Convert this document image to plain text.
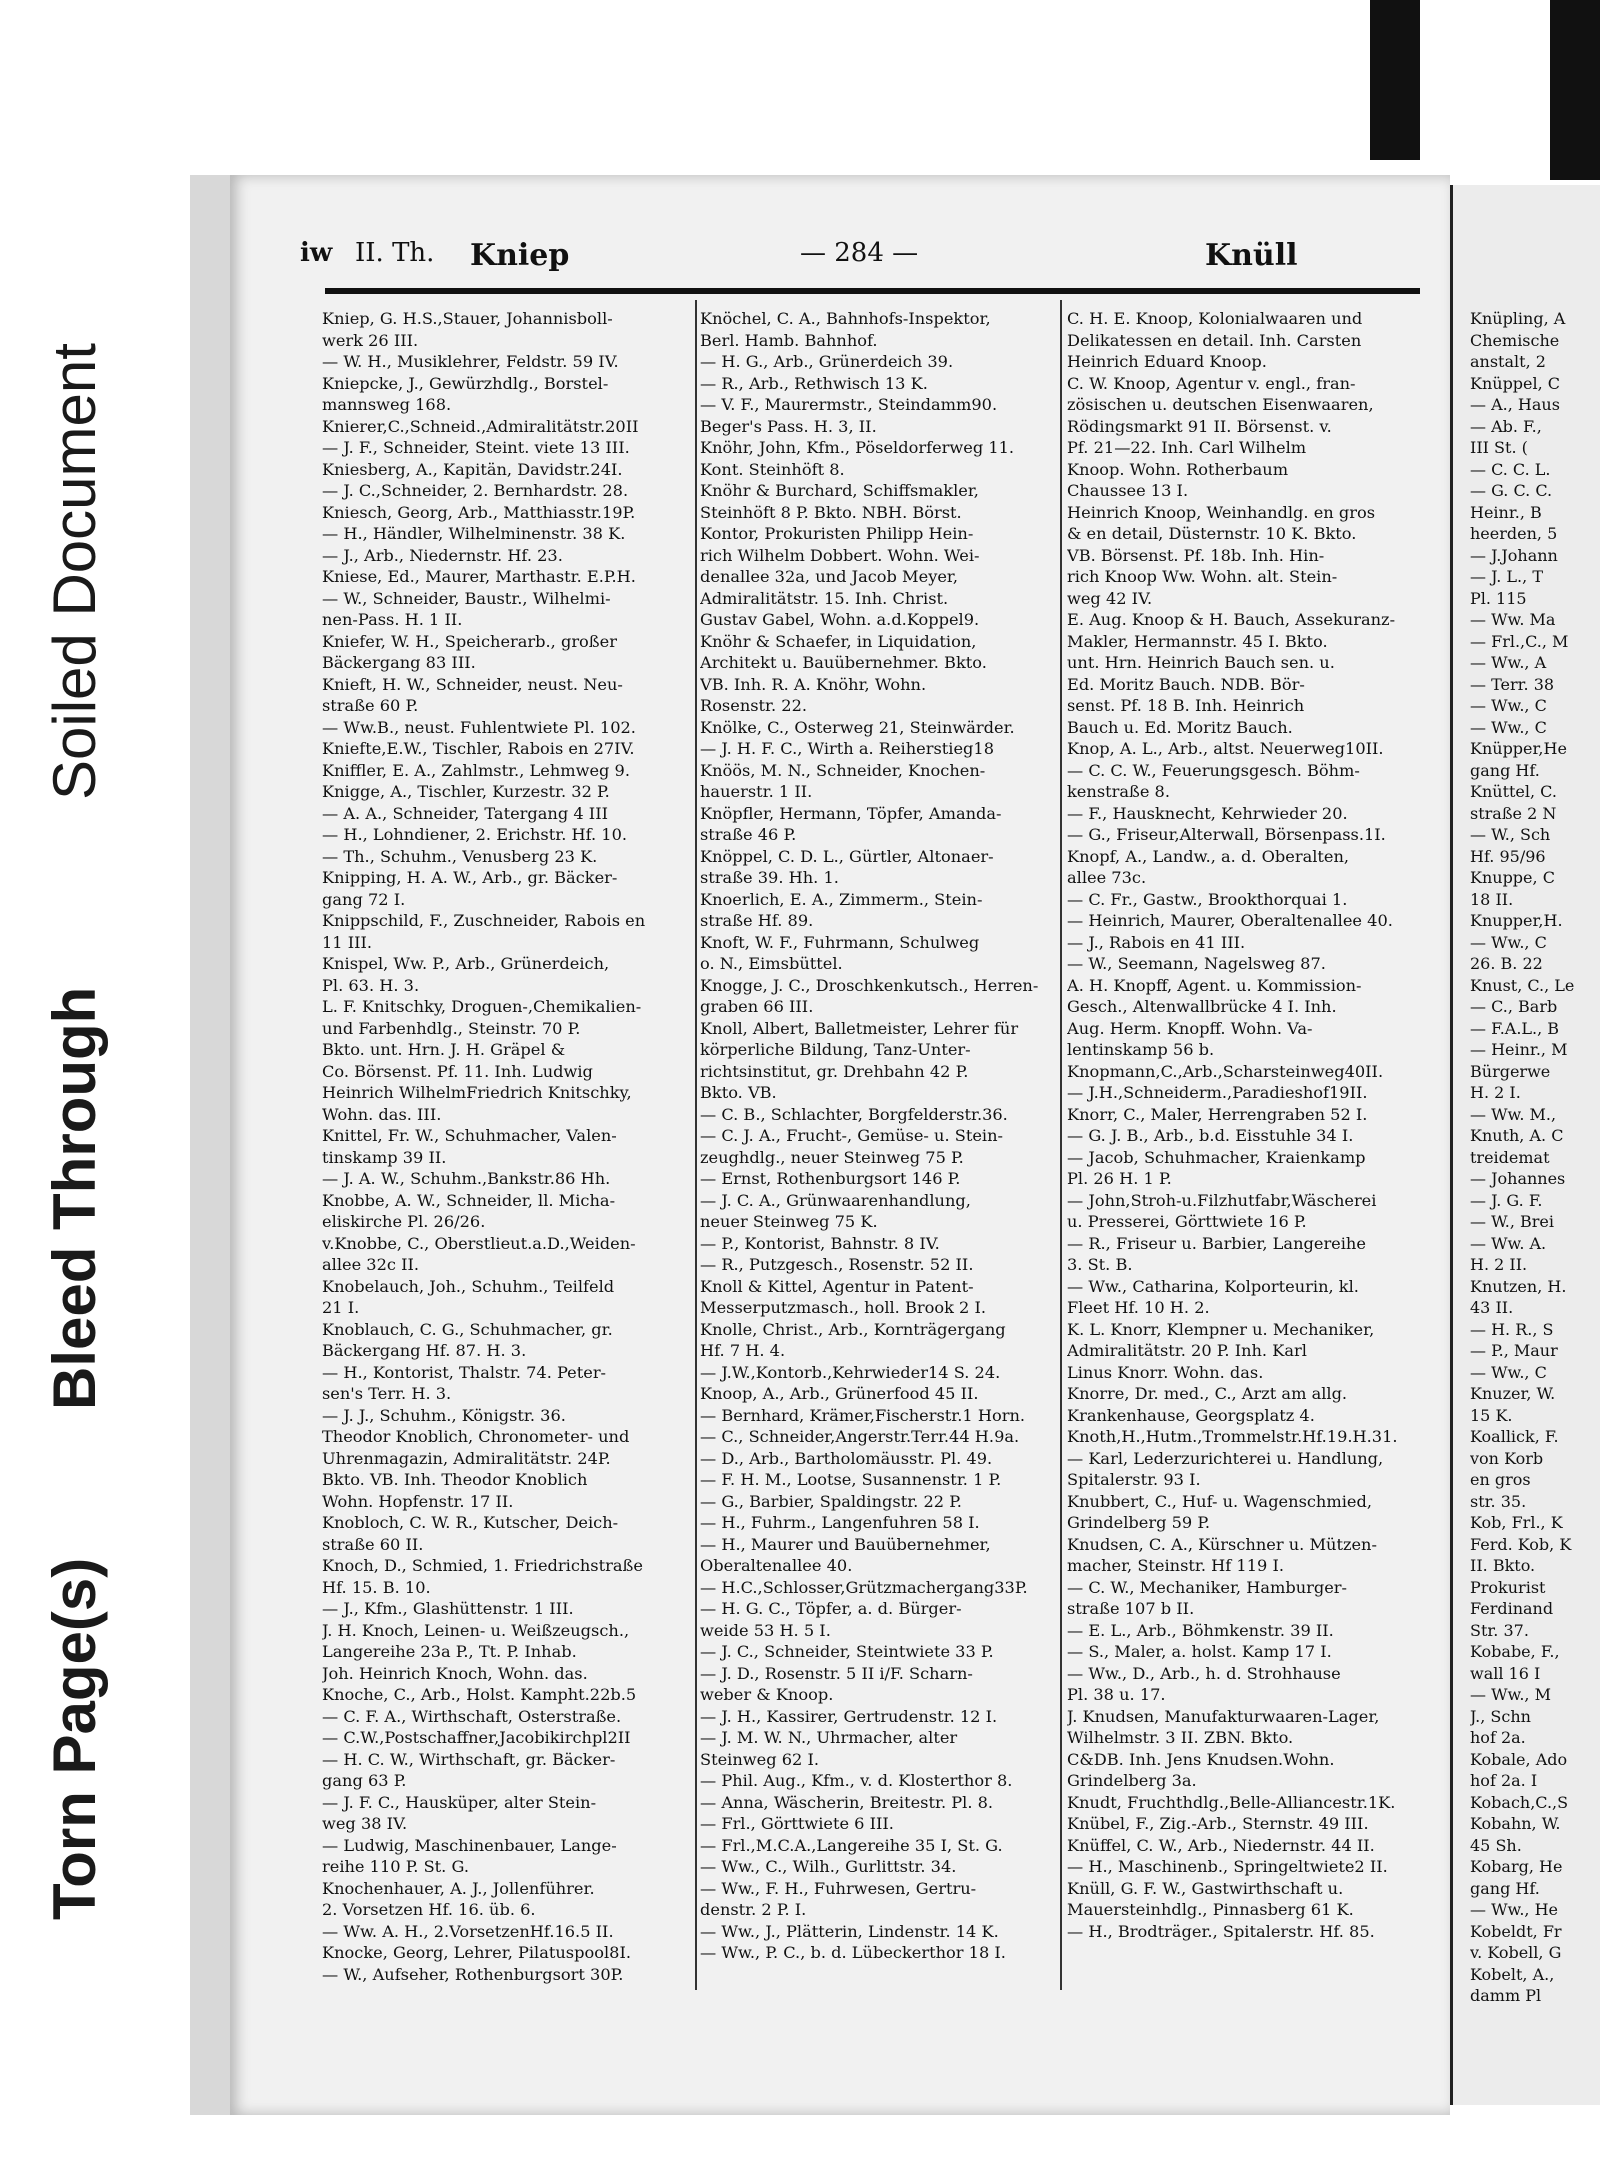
Soiled Document
Bleed Through
Torn Page(s)
iw II. Th. Kniep	— 284 —	Knüll

Kniep, G. H.S.,Stauer, Johannisboll-

werk 26 III.

— W. H., Musiklehrer, Feldstr. 59 IV.

Kniepcke, J., Gewürzhdlg., Borstel-

mannsweg 168.

Knierer,C.,Schneid.,Admiralitätstr.20II

— J. F., Schneider, Steint. viete 13 III.

Kniesberg, A., Kapitän, Davidstr.24I.

— J. C.,Schneider, 2. Bernhardstr. 28.

Kniesch, Georg, Arb., Matthiasstr.19P.

— H., Händler, Wilhelminenstr. 38 K.

— J., Arb., Niedernstr. Hf. 23.

Kniese, Ed., Maurer, Marthastr. E.P.H.

— W., Schneider, Baustr., Wilhelmi-

nen-Pass. H. 1 II.

Kniefer, W. H., Speicherarb., großer

Bäckergang 83 III.

Knieft, H. W., Schneider, neust. Neu-

straße 60 P.

— Ww.B., neust. Fuhlentwiete Pl. 102.

Kniefte,E.W., Tischler, Rabois en 27IV.

Kniffler, E. A., Zahlmstr., Lehmweg 9.

Knigge, A., Tischler, Kurzestr. 32 P.

— A. A., Schneider, Tatergang 4 III

— H., Lohndiener, 2. Erichstr. Hf. 10.

— Th., Schuhm., Venusberg 23 K.

Knipping, H. A. W., Arb., gr. Bäcker-

gang 72 I.

Knippschild, F., Zuschneider, Rabois en

11 III.

Knispel, Ww. P., Arb., Grünerdeich,

Pl. 63. H. 3.

L. F. Knitschky, Droguen-,Chemikalien-

und Farbenhdlg., Steinstr. 70 P.

Bkto. unt. Hrn. J. H. Gräpel &

Co. Börsenst. Pf. 11. Inh. Ludwig

Heinrich WilhelmFriedrich Knitschky,

Wohn. das. III.

Knittel, Fr. W., Schuhmacher, Valen-

tinskamp 39 II.

— J. A. W., Schuhm.,Bankstr.86 Hh.

Knobbe, A. W., Schneider, ll. Micha-

eliskirche Pl. 26/26.

v.Knobbe, C., Oberstlieut.a.D.,Weiden-

allee 32c II.

Knobelauch, Joh., Schuhm., Teilfeld

21 I.

Knoblauch, C. G., Schuhmacher, gr.

Bäckergang Hf. 87. H. 3.

— H., Kontorist, Thalstr. 74. Peter-

sen's Terr. H. 3.

— J. J., Schuhm., Königstr. 36.

Theodor Knoblich, Chronometer- und

Uhrenmagazin, Admiralitätstr. 24P.

Bkto. VB. Inh. Theodor Knoblich

Wohn. Hopfenstr. 17 II.

Knobloch, C. W. R., Kutscher, Deich-

straße 60 II.

Knoch, D., Schmied, 1. Friedrichstraße

Hf. 15. B. 10.

— J., Kfm., Glashüttenstr. 1 III.

J. H. Knoch, Leinen- u. Weißzeugsch.,

Langereihe 23a P., Tt. P. Inhab.

Joh. Heinrich Knoch, Wohn. das.

Knoche, C., Arb., Holst. Kampht.22b.5

— C. F. A., Wirthschaft, Osterstraße.

— C.W.,Postschaffner,Jacobikirchpl2II

— H. C. W., Wirthschaft, gr. Bäcker-

gang 63 P.

— J. F. C., Hausküper, alter Stein-

weg 38 IV.

— Ludwig, Maschinenbauer, Lange-

reihe 110 P. St. G.

Knochenhauer, A. J., Jollenführer.

2. Vorsetzen Hf. 16. üb. 6.

— Ww. A. H., 2.VorsetzenHf.16.5 II.

Knocke, Georg, Lehrer, Pilatuspool8I.

— W., Aufseher, Rothenburgsort 30P.

Knöchel, C. A., Bahnhofs-Inspektor,

Berl. Hamb. Bahnhof.

— H. G., Arb., Grünerdeich 39.

— R., Arb., Rethwisch 13 K.

— V. F., Maurermstr., Steindamm90.

Beger's Pass. H. 3, II.

Knöhr, John, Kfm., Pöseldorferweg 11.

Kont. Steinhöft 8.

Knöhr & Burchard, Schiffsmakler,

Steinhöft 8 P. Bkto. NBH. Börst.

Kontor, Prokuristen Philipp Hein-

rich Wilhelm Dobbert. Wohn. Wei-

denallee 32a, und Jacob Meyer,

Admiralitätstr. 15. Inh. Christ.

Gustav Gabel, Wohn. a.d.Koppel9.

Knöhr & Schaefer, in Liquidation,

Architekt u. Bauübernehmer. Bkto.

VB. Inh. R. A. Knöhr, Wohn.

Rosenstr. 22.

Knölke, C., Osterweg 21, Steinwärder.

— J. H. F. C., Wirth a. Reiherstieg18

Knöös, M. N., Schneider, Knochen-

hauerstr. 1 II.

Knöpfler, Hermann, Töpfer, Amanda-

straße 46 P.

Knöppel, C. D. L., Gürtler, Altonaer-

straße 39. Hh. 1.

Knoerlich, E. A., Zimmerm., Stein-

straße Hf. 89.

Knoft, W. F., Fuhrmann, Schulweg

o. N., Eimsbüttel.

Knogge, J. C., Droschkenkutsch., Herren-

graben 66 III.

Knoll, Albert, Balletmeister, Lehrer für

körperliche Bildung, Tanz-Unter-

richtsinstitut, gr. Drehbahn 42 P.

Bkto. VB.

— C. B., Schlachter, Borgfelderstr.36.

— C. J. A., Frucht-, Gemüse- u. Stein-

zeughdlg., neuer Steinweg 75 P.

— Ernst, Rothenburgsort 146 P.

— J. C. A., Grünwaarenhandlung,

neuer Steinweg 75 K.

— P., Kontorist, Bahnstr. 8 IV.

— R., Putzgesch., Rosenstr. 52 II.

Knoll & Kittel, Agentur in Patent-

Messerputzmasch., holl. Brook 2 I.

Knolle, Christ., Arb., Kornträgergang

Hf. 7 H. 4.

— J.W.,Kontorb.,Kehrwieder14 S. 24.

Knoop, A., Arb., Grünerfood 45 II.

— Bernhard, Krämer,Fischerstr.1 Horn.

— C., Schneider,Angerstr.Terr.44 H.9a.

— D., Arb., Bartholomäusstr. Pl. 49.

— F. H. M., Lootse, Susannenstr. 1 P.

— G., Barbier, Spaldingstr. 22 P.

— H., Fuhrm., Langenfuhren 58 I.

— H., Maurer und Bauübernehmer,

Oberaltenallee 40.

— H.C.,Schlosser,Grützmachergang33P.

— H. G. C., Töpfer, a. d. Bürger-

weide 53 H. 5 I.

— J. C., Schneider, Steintwiete 33 P.

— J. D., Rosenstr. 5 II i/F. Scharn-

weber & Knoop.

— J. H., Kassirer, Gertrudenstr. 12 I.

— J. M. W. N., Uhrmacher, alter

Steinweg 62 I.

— Phil. Aug., Kfm., v. d. Klosterthor 8.

— Anna, Wäscherin, Breitestr. Pl. 8.

— Frl., Görttwiete 6 III.

— Frl.,M.C.A.,Langereihe 35 I, St. G.

— Ww., C., Wilh., Gurlittstr. 34.

— Ww., F. H., Fuhrwesen, Gertru-

denstr. 2 P. I.

— Ww., J., Plätterin, Lindenstr. 14 K.

— Ww., P. C., b. d. Lübeckerthor 18 I.

C. H. E. Knoop, Kolonialwaaren und

Delikatessen en detail. Inh. Carsten

Heinrich Eduard Knoop.

C. W. Knoop, Agentur v. engl., fran-

zösischen u. deutschen Eisenwaaren,

Rödingsmarkt 91 II. Börsenst. v.

Pf. 21—22. Inh. Carl Wilhelm

Knoop. Wohn. Rotherbaum

Chaussee 13 I.

Heinrich Knoop, Weinhandlg. en gros

& en detail, Düsternstr. 10 K. Bkto.

VB. Börsenst. Pf. 18b. Inh. Hin-

rich Knoop Ww. Wohn. alt. Stein-

weg 42 IV.

E. Aug. Knoop & H. Bauch, Assekuranz-

Makler, Hermannstr. 45 I. Bkto.

unt. Hrn. Heinrich Bauch sen. u.

Ed. Moritz Bauch. NDB. Bör-

senst. Pf. 18 B. Inh. Heinrich

Bauch u. Ed. Moritz Bauch.

Knop, A. L., Arb., altst. Neuerweg10II.

— C. C. W., Feuerungsgesch. Böhm-

kenstraße 8.

— F., Hausknecht, Kehrwieder 20.

— G., Friseur,Alterwall, Börsenpass.1I.

Knopf, A., Landw., a. d. Oberalten,

allee 73c.

— C. Fr., Gastw., Brookthorquai 1.

— Heinrich, Maurer, Oberaltenallee 40.

— J., Rabois en 41 III.

— W., Seemann, Nagelsweg 87.

A. H. Knopff, Agent. u. Kommission-

Gesch., Altenwallbrücke 4 I. Inh.

Aug. Herm. Knopff. Wohn. Va-

lentinskamp 56 b.

Knopmann,C.,Arb.,Scharsteinweg40II.

— J.H.,Schneiderm.,Paradieshof19II.

Knorr, C., Maler, Herrengraben 52 I.

— G. J. B., Arb., b.d. Eisstuhle 34 I.

— Jacob, Schuhmacher, Kraienkamp

Pl. 26 H. 1 P.

— John,Stroh-u.Filzhutfabr,Wäscherei

u. Presserei, Görttwiete 16 P.

— R., Friseur u. Barbier, Langereihe

3. St. B.

— Ww., Catharina, Kolporteurin, kl.

Fleet Hf. 10 H. 2.

K. L. Knorr, Klempner u. Mechaniker,

Admiralitätstr. 20 P. Inh. Karl

Linus Knorr. Wohn. das.

Knorre, Dr. med., C., Arzt am allg.

Krankenhause, Georgsplatz 4.

Knoth,H.,Hutm.,Trommelstr.Hf.19.H.31.

— Karl, Lederzurichterei u. Handlung,

Spitalerstr. 93 I.

Knubbert, C., Huf- u. Wagenschmied,

Grindelberg 59 P.

Knudsen, C. A., Kürschner u. Mützen-

macher, Steinstr. Hf 119 I.

— C. W., Mechaniker, Hamburger-

straße 107 b II.

— E. L., Arb., Böhmkenstr. 39 II.

— S., Maler, a. holst. Kamp 17 I.

— Ww., D., Arb., h. d. Strohhause

Pl. 38 u. 17.

J. Knudsen, Manufakturwaaren-Lager,

Wilhelmstr. 3 II. ZBN. Bkto.

C&DB. Inh. Jens Knudsen.Wohn.

Grindelberg 3a.

Knudt, Fruchthdlg.,Belle-Alliancestr.1K.

Knübel, F., Zig.-Arb., Sternstr. 49 III.

Knüffel, C. W., Arb., Niedernstr. 44 II.

— H., Maschinenb., Springeltwiete2 II.

Knüll, G. F. W., Gastwirthschaft u.

Mauersteinhdlg., Pinnasberg 61 K.

— H., Brodträger., Spitalerstr. Hf. 85.

Knüpling, A

Chemische

anstalt, 2

Knüppel, C

— A., Haus

— Ab. F.,

III St. (

— C. C. L.

— G. C. C.

Heinr., B

heerden, 5

— J.Johann

— J. L., T

Pl. 115

— Ww. Ma

— Frl.,C., M

— Ww., A

— Terr. 38

— Ww., C

— Ww., C

Knüpper,He

gang Hf.

Knüttel, C.

straße 2 N

— W., Sch

Hf. 95/96

Knuppe, C

18 II.

Knupper,H.

— Ww., C

26. B. 22

Knust, C., Le

— C., Barb

— F.A.L., B

— Heinr., M

Bürgerwe

H. 2 I.

— Ww. M.,

Knuth, A. C

treidemat

— Johannes

— J. G. F.

— W., Brei

— Ww. A.

H. 2 II.

Knutzen, H.

43 II.

— H. R., S

— P., Maur

— Ww., C

Knuzer, W.

15 K.

Koallick, F.

von Korb

en gros

str. 35.

Kob, Frl., K

Ferd. Kob, K

II. Bkto.

Prokurist

Ferdinand

Str. 37.

Kobabe, F.,

wall 16 I

— Ww., M

J., Schn

hof 2a.

Kobale, Ado

hof 2a. I

Kobach,C.,S

Kobahn, W.

45 Sh.

Kobarg, He

gang Hf.

— Ww., He

Kobeldt, Fr

v. Kobell, G

Kobelt, A.,

damm Pl
